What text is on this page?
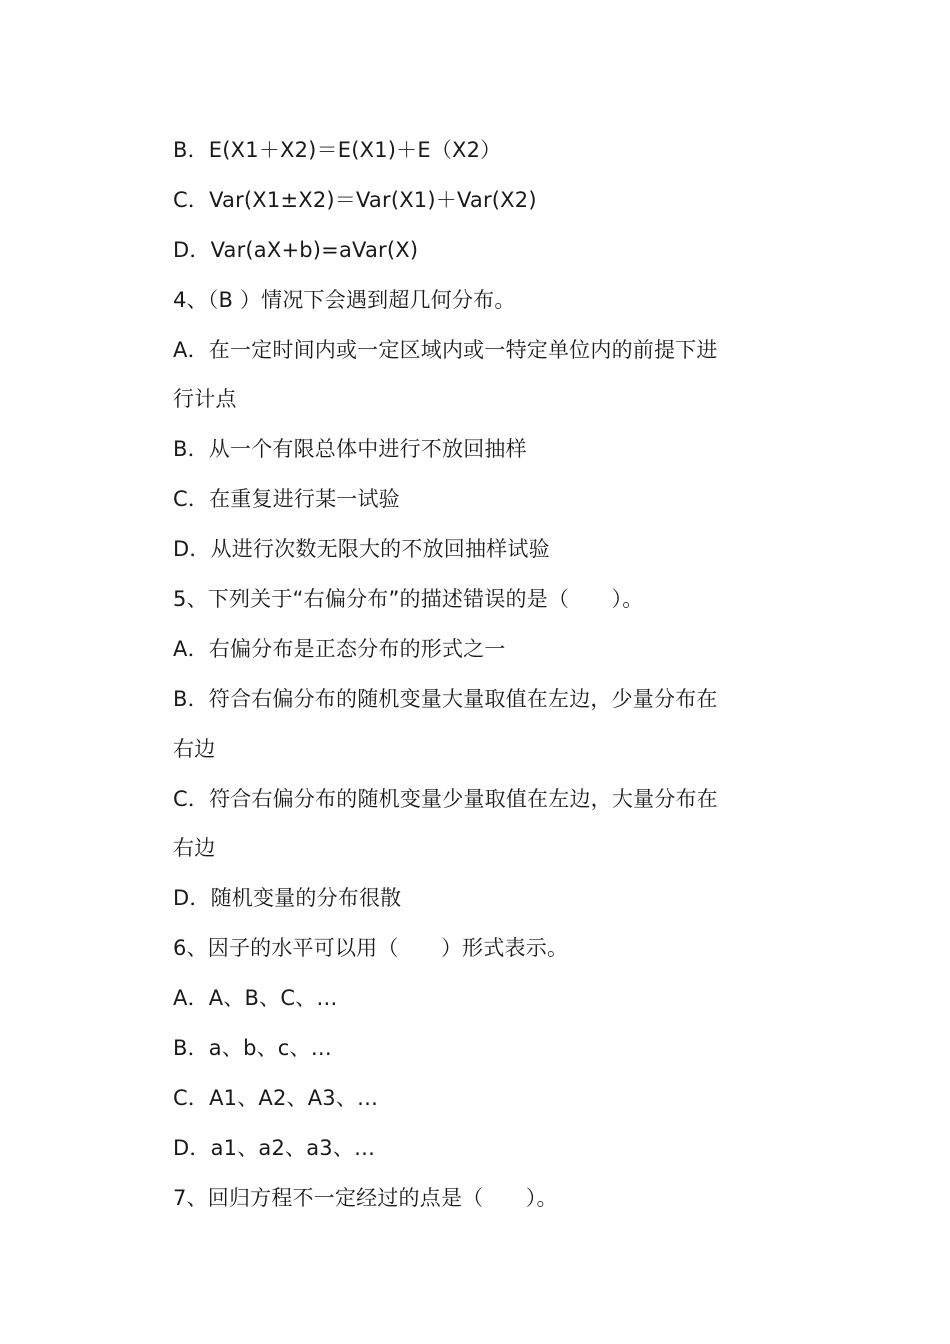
B．E(X1＋X2)＝E(X1)＋E（X2）
C．Var(X1±X2)＝Var(X1)＋Var(X2)
D．Var(aX+b)=aVar(X)
4、（B ）情况下会遇到超几何分布。
A．在一定时间内或一定区域内或一特定单位内的前提下进
行计点
B．从一个有限总体中进行不放回抽样
C．在重复进行某一试验
D．从进行次数无限大的不放回抽样试验
5、下列关于“右偏分布”的描述错误的是（　　）。
A．右偏分布是正态分布的形式之一
B．符合右偏分布的随机变量大量取值在左边，少量分布在
右边
C．符合右偏分布的随机变量少量取值在左边，大量分布在
右边
D．随机变量的分布很散
6、因子的水平可以用（　　）形式表示。
A．A、B、C、…
B．a、b、c、…
C．A1、A2、A3、…
D．a1、a2、a3、…
7、回归方程不一定经过的点是（　　）。
